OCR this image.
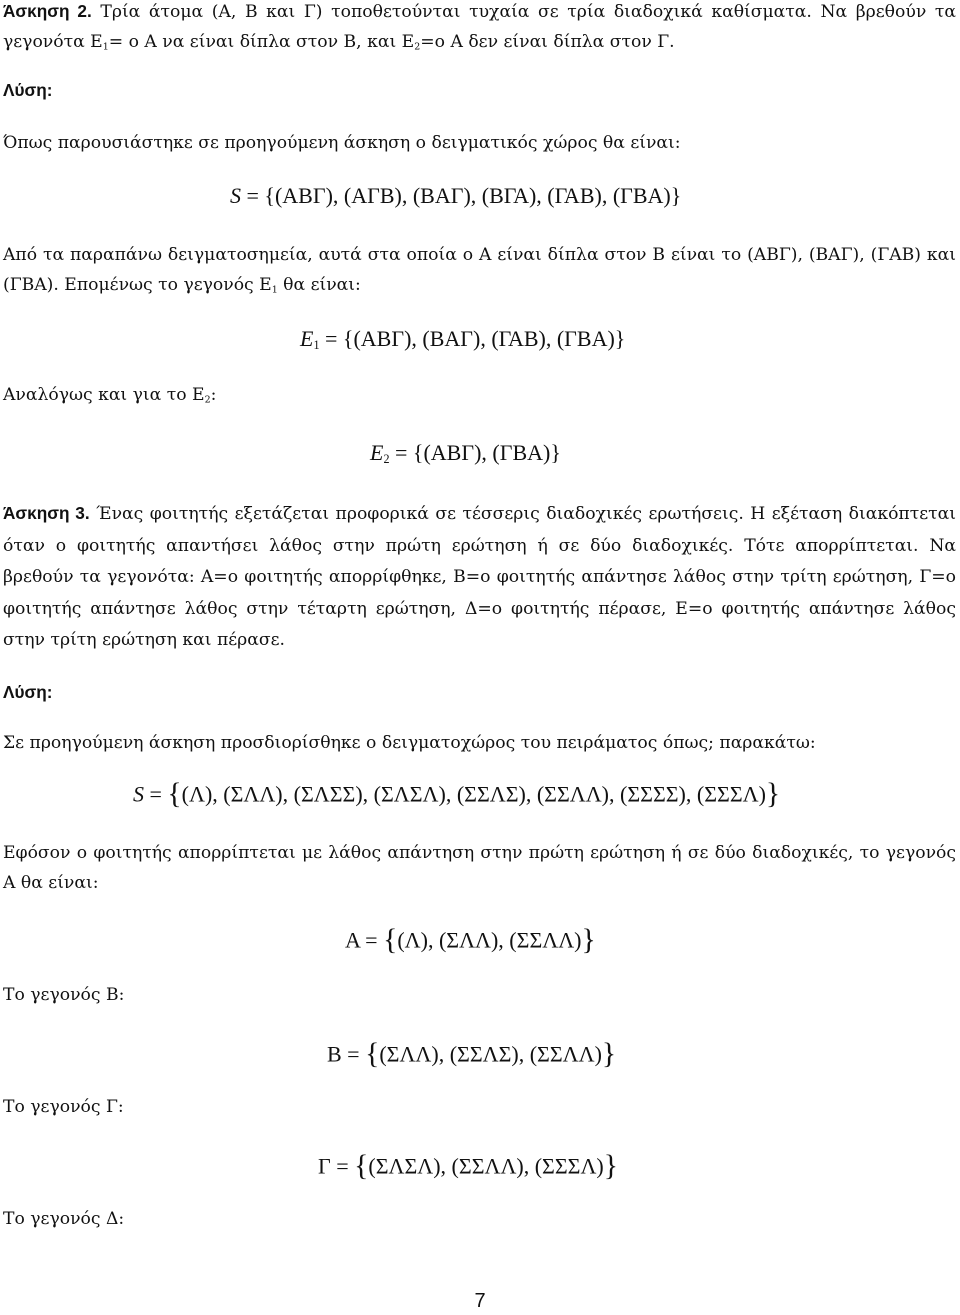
Άσκηση 2. Τρία άτομα (Α, Β και Γ) τοποθετούνται τυχαία σε τρία διαδοχικά καθίσματα. Να βρεθούν τα γεγονότα $E_1= o$ Α να είναι δίπλα στον Β, και $E_2=o$ Α δεν είναι δίπλα στον Γ.
Λύση:
Όπως παρουσιάστηκε σε προηγούμενη άσκηση ο δειγματικός χώρος θα είναι:
S = {(ΑΒΓ), (ΑΓΒ), (ΒΑΓ), (ΒΓΑ), (ΓΑΒ), (ΓΒΑ)}
Από τα παραπάνω δειγματοσημεία, αυτά στα οποία ο Α είναι δίπλα στον Β είναι το (ΑΒΓ), (ΒΑΓ), (ΓΑΒ) και (ΓΒΑ). Επομένως το γεγονός $E_1$ θα είναι:
$E_1 = \{(AB\Gamma)$, (ΒΑΓ), (ΓΑΒ), (ΓΒΑ)}
Αναλόγως και για το $E_2$:
$E_2 = \{(AB\Gamma)$, (ΓΒΑ)}
Άσκηση 3. Ένας φοιτητής εξετάζεται προφορικά σε τέσσερις διαδοχικές ερωτήσεις. Η εξέταση διακόπτεται όταν ο φοιτητής απαντήσει λάθος στην πρώτη ερώτηση ή σε δύο διαδοχικές. Τότε απορρίπτεται. Να βρεθούν τα γεγονότα: Α=ο φοιτητής απορρίφθηκε, Β=ο φοιτητής απάντησε λάθος στην τρίτη ερώτηση, Γ=ο φοιτητής απάντησε λάθος στην τέταρτη ερώτηση, Δ=ο φοιτητής πέρασε, Ε=ο φοιτητής απάντησε λάθος στην τρίτη ερώτηση και πέρασε.
Λύση:
Σε προηγούμενη άσκηση προσδιορίσθηκε ο δειγματοχώρος του πειράματος όπως; παρακάτω:
S = {(Λ), (ΣΛΛ), (ΣΛΣΣ), (ΣΛΣΛ), (ΣΣΛΣ), (ΣΣΛΛ), (ΣΣΣΣ), (ΣΣΣΛ)}
Εφόσον ο φοιτητής απορρίπτεται με λάθος απάντηση στην πρώτη ερώτηση ή σε δύο διαδοχικές, το γεγονός Α θα είναι:
Α = {(Λ), (ΣΛΛ), (ΣΣΛΛ)}
Το γεγονός Β:
Β = {(ΣΛΛ), (ΣΣΛΣ), (ΣΣΛΛ)}
Το γεγονός Γ:
Γ = {(ΣΛΣΛ), (ΣΣΛΛ), (ΣΣΣΛ)}
Το γεγονός Δ:
7
